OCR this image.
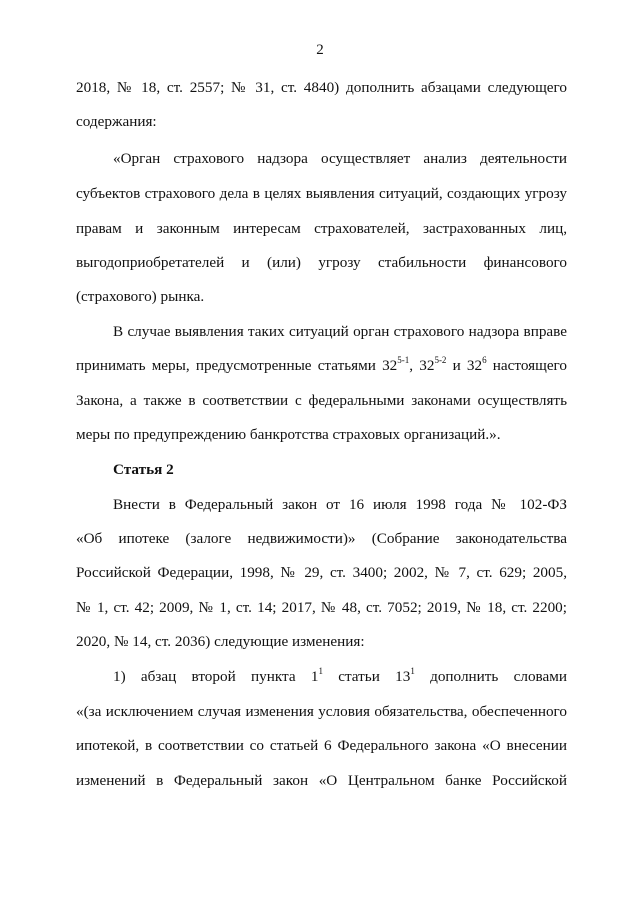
2
2018, № 18, ст. 2557; № 31, ст. 4840) дополнить абзацами следующего
содержания:
«Орган страхового надзора осуществляет анализ деятельности
субъектов страхового дела в целях выявления ситуаций, создающих угрозу
правам и законным интересам страхователей, застрахованных лиц,
выгодоприобретателей и (или) угрозу стабильности финансового
(страхового) рынка.
В случае выявления таких ситуаций орган страхового надзора вправе
принимать меры, предусмотренные статьями 32$^{5-1}$, 32$^{5-2}$ и $32^6$ настоящего
Закона, а также в соответствии с федеральными законами осуществлять
меры по предупреждению банкротства страховых организаций.».
Статья 2
Внести в Федеральный закон от 16 июля 1998 года № 102-ФЗ
«Об ипотеке (залоге недвижимости)» (Собрание законодательства
Российской Федерации, 1998, № 29, ст. 3400; 2002, № 7, ст. 629; 2005,
№ 1, ст. 42; 2009, № 1, ст. 14; 2017, № 48, ст. 7052; 2019, № 18, ст. 2200;
2020, № 14, ст. 2036) следующие изменения:
1) абзац второй пункта $1^1$ статьи $13^1$ дополнить словами
«(за исключением случая изменения условия обязательства, обеспеченного
ипотекой, в соответствии со статьей 6 Федерального закона «О внесении
изменений в Федеральный закон «О Центральном банке Российской
